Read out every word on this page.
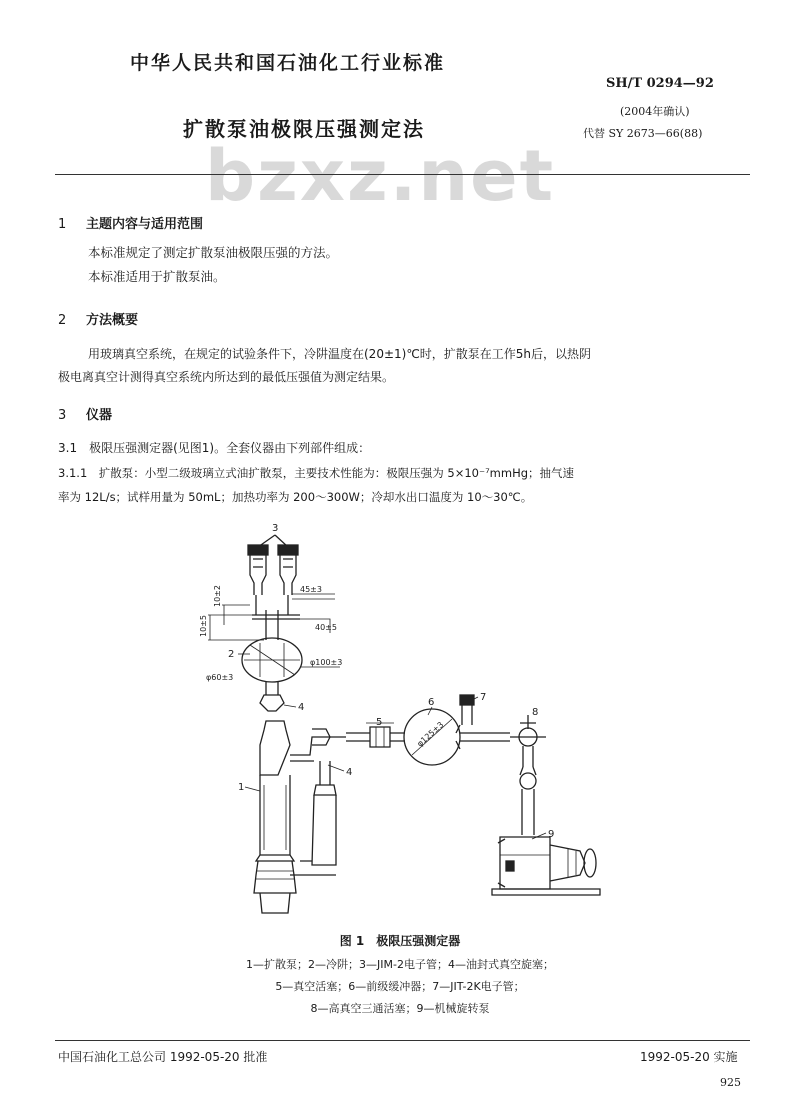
中华人民共和国石油化工行业标准
SH/T 0294—92
扩散泵油极限压强测定法
(2004年确认)
代替 SY 2673—66(88)
bzxz.net
1 主题内容与适用范围
本标准规定了测定扩散泵油极限压强的方法。
本标准适用于扩散泵油。
2 方法概要
用玻璃真空系统，在规定的试验条件下，冷阱温度在(20±1)℃时，扩散泵在工作5h后，以热阴
极电离真空计测得真空系统内所达到的最低压强值为测定结果。
3 仪器
3.1　极限压强测定器(见图1)。全套仪器由下列部件组成：
3.1.1　扩散泵：小型二级玻璃立式油扩散泵，主要技术性能为：极限压强为 5×10⁻⁷mmHg；抽气速
率为 12L/s；试样用量为 50mL；加热功率为 200～300W；冷却水出口温度为 10～30℃。
3
10±2
10±5
45±3
40±5
2
φ60±3
φ100±3
4
1
4
5	φ125±3
6	7
8
9
图 1　极限压强测定器
1—扩散泵；2—冷阱；3—JIM-2电子管；4—油封式真空旋塞；
5—真空活塞；6—前级缓冲器；7—JIT-2K电子管；
8—高真空三通活塞；9—机械旋转泵
中国石油化工总公司 1992-05-20 批准	1992-05-20 实施
925
